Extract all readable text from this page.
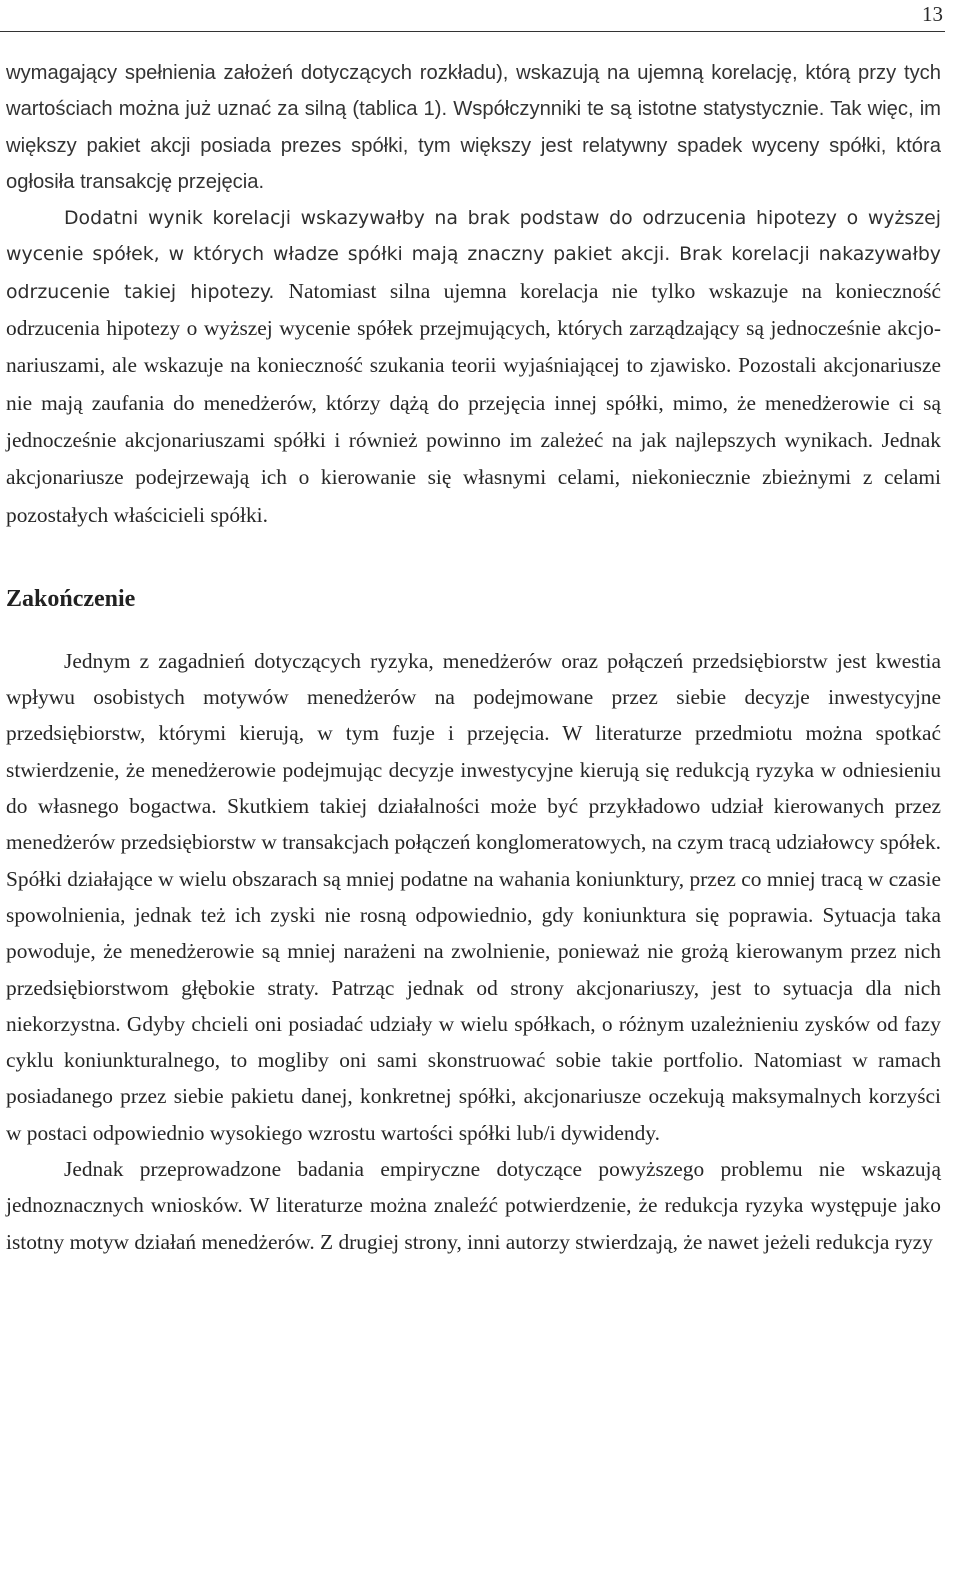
13

wymagający spełnienia założeń dotyczących rozkładu), wskazują na ujemną korelację, którą przy tych wartościach można już uznać za silną (tablica 1). Współczynniki te są istotne statystycznie. Tak więc, im większy pakiet akcji posiada prezes spółki, tym większy jest relatywny spadek wyceny spółki, która ogłosiła transakcję przejęcia.

Dodatni wynik korelacji wskazywałby na brak podstaw do odrzucenia hipotezy o wyższej wycenie spółek, w których władze spółki mają znaczny pakiet akcji. Brak korelacji nakazywałby odrzucenie takiej hipotezy. Natomiast silna ujemna korelacja nie tylko wskazuje na konieczność odrzucenia hipotezy o wyższej wycenie spółek przejmujących, których zarządzający są jednocześnie akcjonariuszami, ale wskazuje na konieczność szukania teorii wyjaśniającej to zjawisko. Pozostali akcjonariusze nie mają zaufania do menedżerów, którzy dążą do przejęcia innej spółki, mimo, że menedżerowie ci są jednocześnie akcjonariuszami spółki i również powinno im zależeć na jak najlepszych wynikach. Jednak akcjonariusze podejrzewają ich o kierowanie się własnymi celami, niekoniecznie zbieżnymi z celami pozostałych właścicieli spółki.

Zakończenie

Jednym z zagadnień dotyczących ryzyka, menedżerów oraz połączeń przedsiębiorstw jest kwestia wpływu osobistych motywów menedżerów na podejmowane przez siebie decyzje inwestycyjne przedsiębiorstw, którymi kierują, w tym fuzje i przejęcia. W literaturze przedmiotu można spotkać stwierdzenie, że menedżerowie podejmując decyzje inwestycyjne kierują się redukcją ryzyka w odniesieniu do własnego bogactwa. Skutkiem takiej działalności może być przykładowo udział kierowanych przez menedżerów przedsiębiorstw w transakcjach połączeń konglomeratowych, na czym tracą udziałowcy spółek. Spółki działające w wielu obszarach są mniej podatne na wahania koniunktury, przez co mniej tracą w czasie spowolnienia, jednak też ich zyski nie rosną odpowiednio, gdy koniunktura się poprawia. Sytuacja taka powoduje, że menedżerowie są mniej narażeni na zwolnienie, ponieważ nie grożą kierowanym przez nich przedsiębiorstwom głębokie straty. Patrząc jednak od strony akcjonariuszy, jest to sytuacja dla nich niekorzystna. Gdyby chcieli oni posiadać udziały w wielu spółkach, o różnym uzależnieniu zysków od fazy cyklu koniunkturalnego, to mogliby oni sami skonstruować sobie takie portfolio. Natomiast w ramach posiadanego przez siebie pakietu danej, konkretnej spółki, akcjonariusze oczekują maksymalnych korzyści w postaci odpowiednio wysokiego wzrostu wartości spółki lub/i dywidendy.

Jednak przeprowadzone badania empiryczne dotyczące powyższego problemu nie wskazują jednoznacznych wniosków. W literaturze można znaleźć potwierdzenie, że redukcja ryzyka występuje jako istotny motyw działań menedżerów. Z drugiej strony, inni autorzy stwierdzają, że nawet jeżeli redukcja ryzy
